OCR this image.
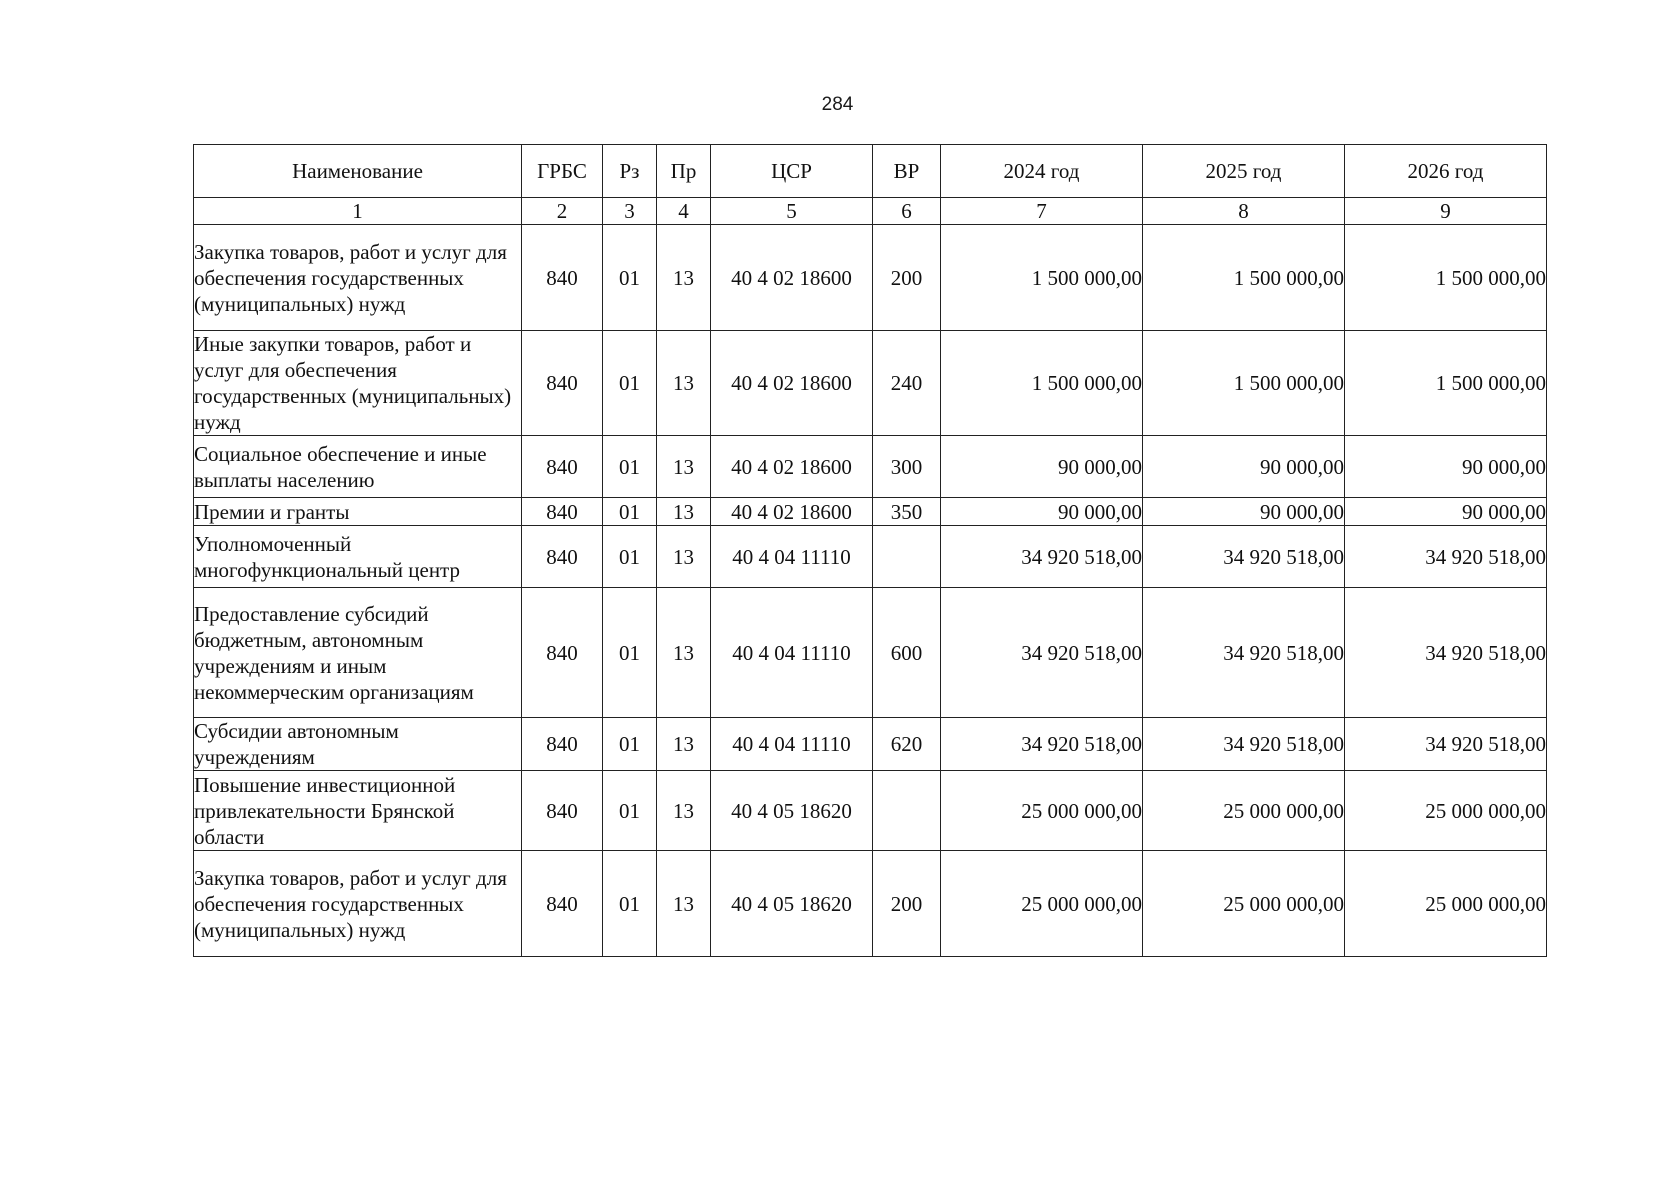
284
Наименование	ГРБС	Рз	Пр	ЦСР	ВР	2024 год	2025 год	2026 год
1	2	3	4	5	6	7	8	9
Закупка товаров, работ и услуг для обеспечения государственных (муниципальных) нужд	840	01	13	40 4 02 18600	200	1 500 000,00	1 500 000,00	1 500 000,00
Иные закупки товаров, работ и услуг для обеспечения государственных (муниципальных) нужд	840	01	13	40 4 02 18600	240	1 500 000,00	1 500 000,00	1 500 000,00
Социальное обеспечение и иные выплаты населению	840	01	13	40 4 02 18600	300	90 000,00	90 000,00	90 000,00
Премии и гранты	840	01	13	40 4 02 18600	350	90 000,00	90 000,00	90 000,00
Уполномоченный многофункциональный центр	840	01	13	40 4 04 11110		34 920 518,00	34 920 518,00	34 920 518,00
Предоставление субсидий бюджетным, автономным учреждениям и иным некоммерческим организациям	840	01	13	40 4 04 11110	600	34 920 518,00	34 920 518,00	34 920 518,00
Субсидии автономным учреждениям	840	01	13	40 4 04 11110	620	34 920 518,00	34 920 518,00	34 920 518,00
Повышение инвестиционной привлекательности Брянской области	840	01	13	40 4 05 18620		25 000 000,00	25 000 000,00	25 000 000,00
Закупка товаров, работ и услуг для обеспечения государственных (муниципальных) нужд	840	01	13	40 4 05 18620	200	25 000 000,00	25 000 000,00	25 000 000,00
